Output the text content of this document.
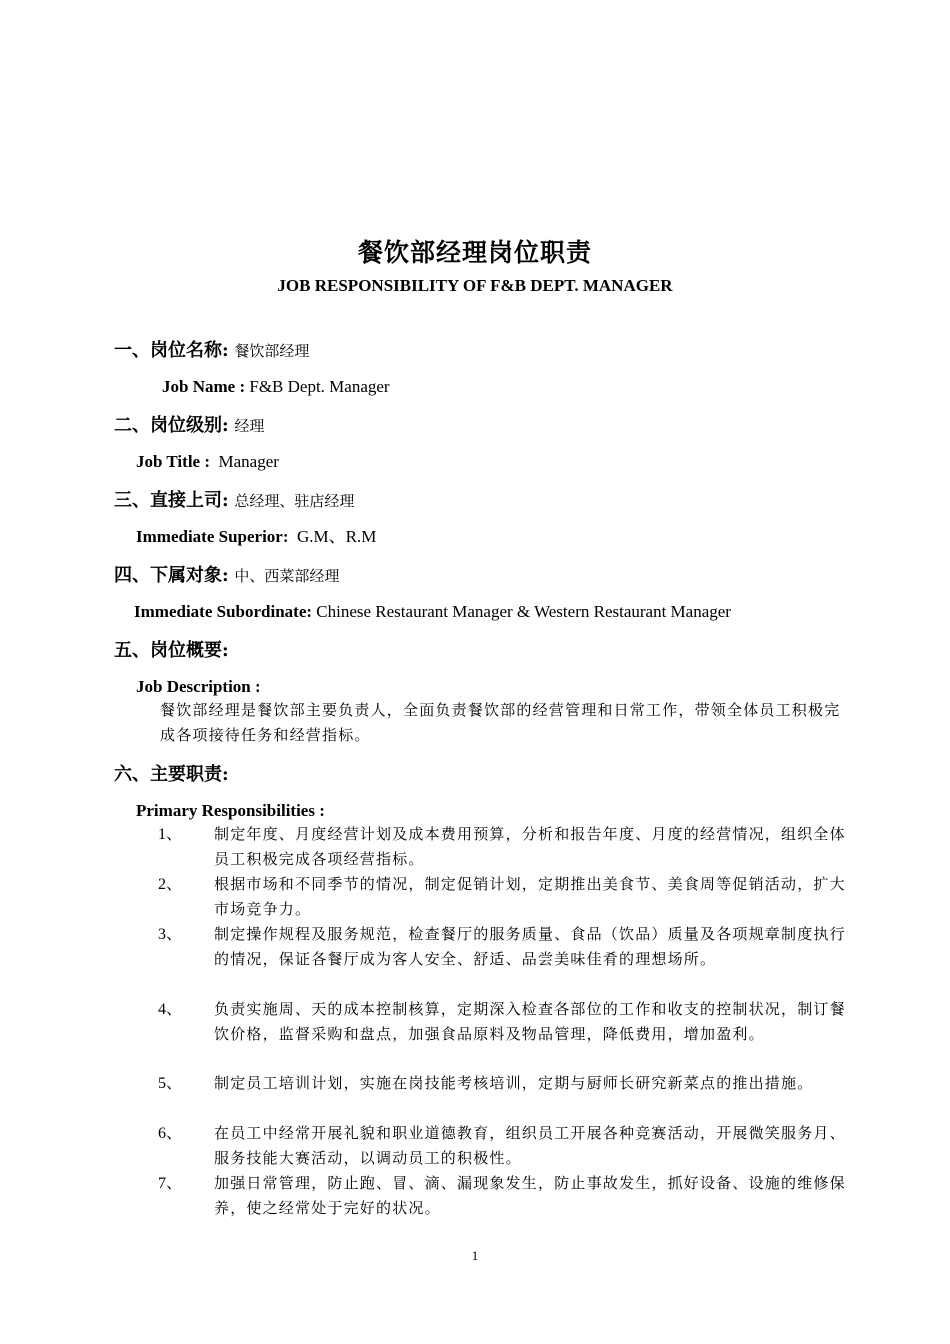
餐饮部经理岗位职责
JOB RESPONSIBILITY OF F&B DEPT. MANAGER
一、岗位名称: 餐饮部经理
Job Name : F&B Dept. Manager
二、岗位级别: 经理
Job Title : Manager
三、直接上司: 总经理、驻店经理
Immediate Superior: G.M、R.M
四、下属对象: 中、西菜部经理
Immediate Subordinate: Chinese Restaurant Manager & Western Restaurant Manager
五、岗位概要:
Job Description :
餐饮部经理是餐饮部主要负责人，全面负责餐饮部的经营管理和日常工作，带领全体员工积极完成各项接待任务和经营指标。
六、主要职责:
Primary Responsibilities :
1、	制定年度、月度经营计划及成本费用预算，分析和报告年度、月度的经营情况，组织全体员工积极完成各项经营指标。
2、	根据市场和不同季节的情况，制定促销计划，定期推出美食节、美食周等促销活动，扩大市场竞争力。
3、	制定操作规程及服务规范，检查餐厅的服务质量、食品（饮品）质量及各项规章制度执行的情况，保证各餐厅成为客人安全、舒适、品尝美味佳肴的理想场所。
4、	负责实施周、天的成本控制核算，定期深入检查各部位的工作和收支的控制状况，制订餐饮价格，监督采购和盘点，加强食品原料及物品管理，降低费用，增加盈利。
5、	制定员工培训计划，实施在岗技能考核培训，定期与厨师长研究新菜点的推出措施。
6、	在员工中经常开展礼貌和职业道德教育，组织员工开展各种竞赛活动，开展微笑服务月、服务技能大赛活动，以调动员工的积极性。
7、	加强日常管理，防止跑、冒、滴、漏现象发生，防止事故发生，抓好设备、设施的维修保养，使之经常处于完好的状况。
1
